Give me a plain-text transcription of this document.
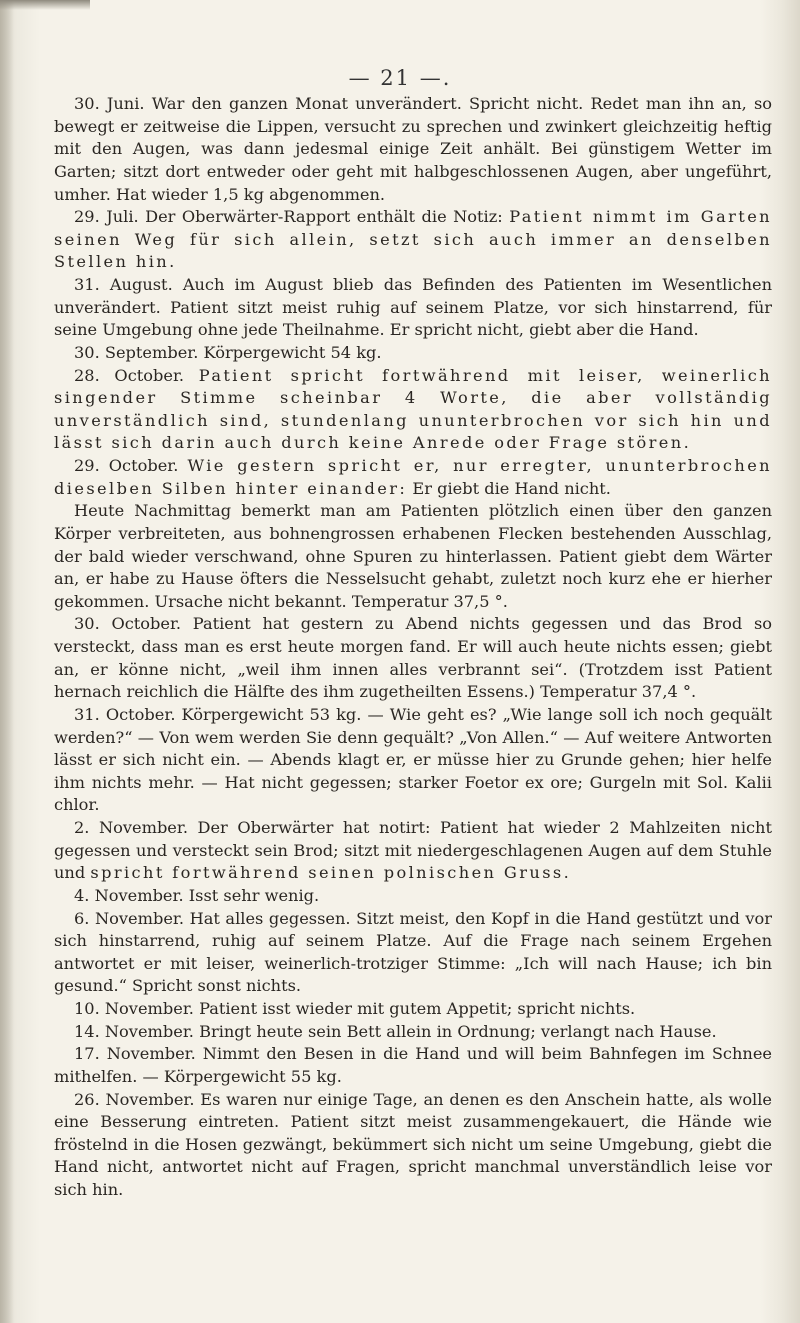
— 21 —.

30. Juni. War den ganzen Monat unverändert. Spricht nicht. Redet man ihn an, so bewegt er zeitweise die Lippen, versucht zu sprechen und zwinkert gleichzeitig heftig mit den Augen, was dann jedesmal einige Zeit anhält. Bei günstigem Wetter im Garten; sitzt dort entweder oder geht mit halbgeschlossenen Augen, aber ungeführt, umher. Hat wieder 1,5 kg abgenommen.

29. Juli. Der Oberwärter-Rapport enthält die Notiz: Patient nimmt im Garten seinen Weg für sich allein, setzt sich auch immer an denselben Stellen hin.

31. August. Auch im August blieb das Befinden des Patienten im Wesentlichen unverändert. Patient sitzt meist ruhig auf seinem Platze, vor sich hinstarrend, für seine Umgebung ohne jede Theilnahme. Er spricht nicht, giebt aber die Hand.

30. September. Körpergewicht 54 kg.

28. October. Patient spricht fortwährend mit leiser, weinerlich singender Stimme scheinbar 4 Worte, die aber vollständig unverständlich sind, stundenlang ununterbrochen vor sich hin und lässt sich darin auch durch keine Anrede oder Frage stören.

29. October. Wie gestern spricht er, nur erregter, ununterbrochen dieselben Silben hinter einander: Er giebt die Hand nicht.

Heute Nachmittag bemerkt man am Patienten plötzlich einen über den ganzen Körper verbreiteten, aus bohnengrossen erhabenen Flecken bestehenden Ausschlag, der bald wieder verschwand, ohne Spuren zu hinterlassen. Patient giebt dem Wärter an, er habe zu Hause öfters die Nesselsucht gehabt, zuletzt noch kurz ehe er hierher gekommen. Ursache nicht bekannt. Temperatur 37,5 °.

30. October. Patient hat gestern zu Abend nichts gegessen und das Brod so versteckt, dass man es erst heute morgen fand. Er will auch heute nichts essen; giebt an, er könne nicht, „weil ihm innen alles verbrannt sei“. (Trotzdem isst Patient hernach reichlich die Hälfte des ihm zugetheilten Essens.) Temperatur 37,4 °.

31. October. Körpergewicht 53 kg. — Wie geht es? „Wie lange soll ich noch gequält werden?“ — Von wem werden Sie denn gequält? „Von Allen.“ — Auf weitere Antworten lässt er sich nicht ein. — Abends klagt er, er müsse hier zu Grunde gehen; hier helfe ihm nichts mehr. — Hat nicht gegessen; starker Foetor ex ore; Gurgeln mit Sol. Kalii chlor.

2. November. Der Oberwärter hat notirt: Patient hat wieder 2 Mahlzeiten nicht gegessen und versteckt sein Brod; sitzt mit niedergeschlagenen Augen auf dem Stuhle und spricht fortwährend seinen polnischen Gruss.

4. November. Isst sehr wenig.

6. November. Hat alles gegessen. Sitzt meist, den Kopf in die Hand gestützt und vor sich hinstarrend, ruhig auf seinem Platze. Auf die Frage nach seinem Ergehen antwortet er mit leiser, weinerlich-trotziger Stimme: „Ich will nach Hause; ich bin gesund.“ Spricht sonst nichts.

10. November. Patient isst wieder mit gutem Appetit; spricht nichts.

14. November. Bringt heute sein Bett allein in Ordnung; verlangt nach Hause.

17. November. Nimmt den Besen in die Hand und will beim Bahnfegen im Schnee mithelfen. — Körpergewicht 55 kg.

26. November. Es waren nur einige Tage, an denen es den Anschein hatte, als wolle eine Besserung eintreten. Patient sitzt meist zusammengekauert, die Hände wie fröstelnd in die Hosen gezwängt, bekümmert sich nicht um seine Umgebung, giebt die Hand nicht, antwortet nicht auf Fragen, spricht manchmal unverständlich leise vor sich hin.
